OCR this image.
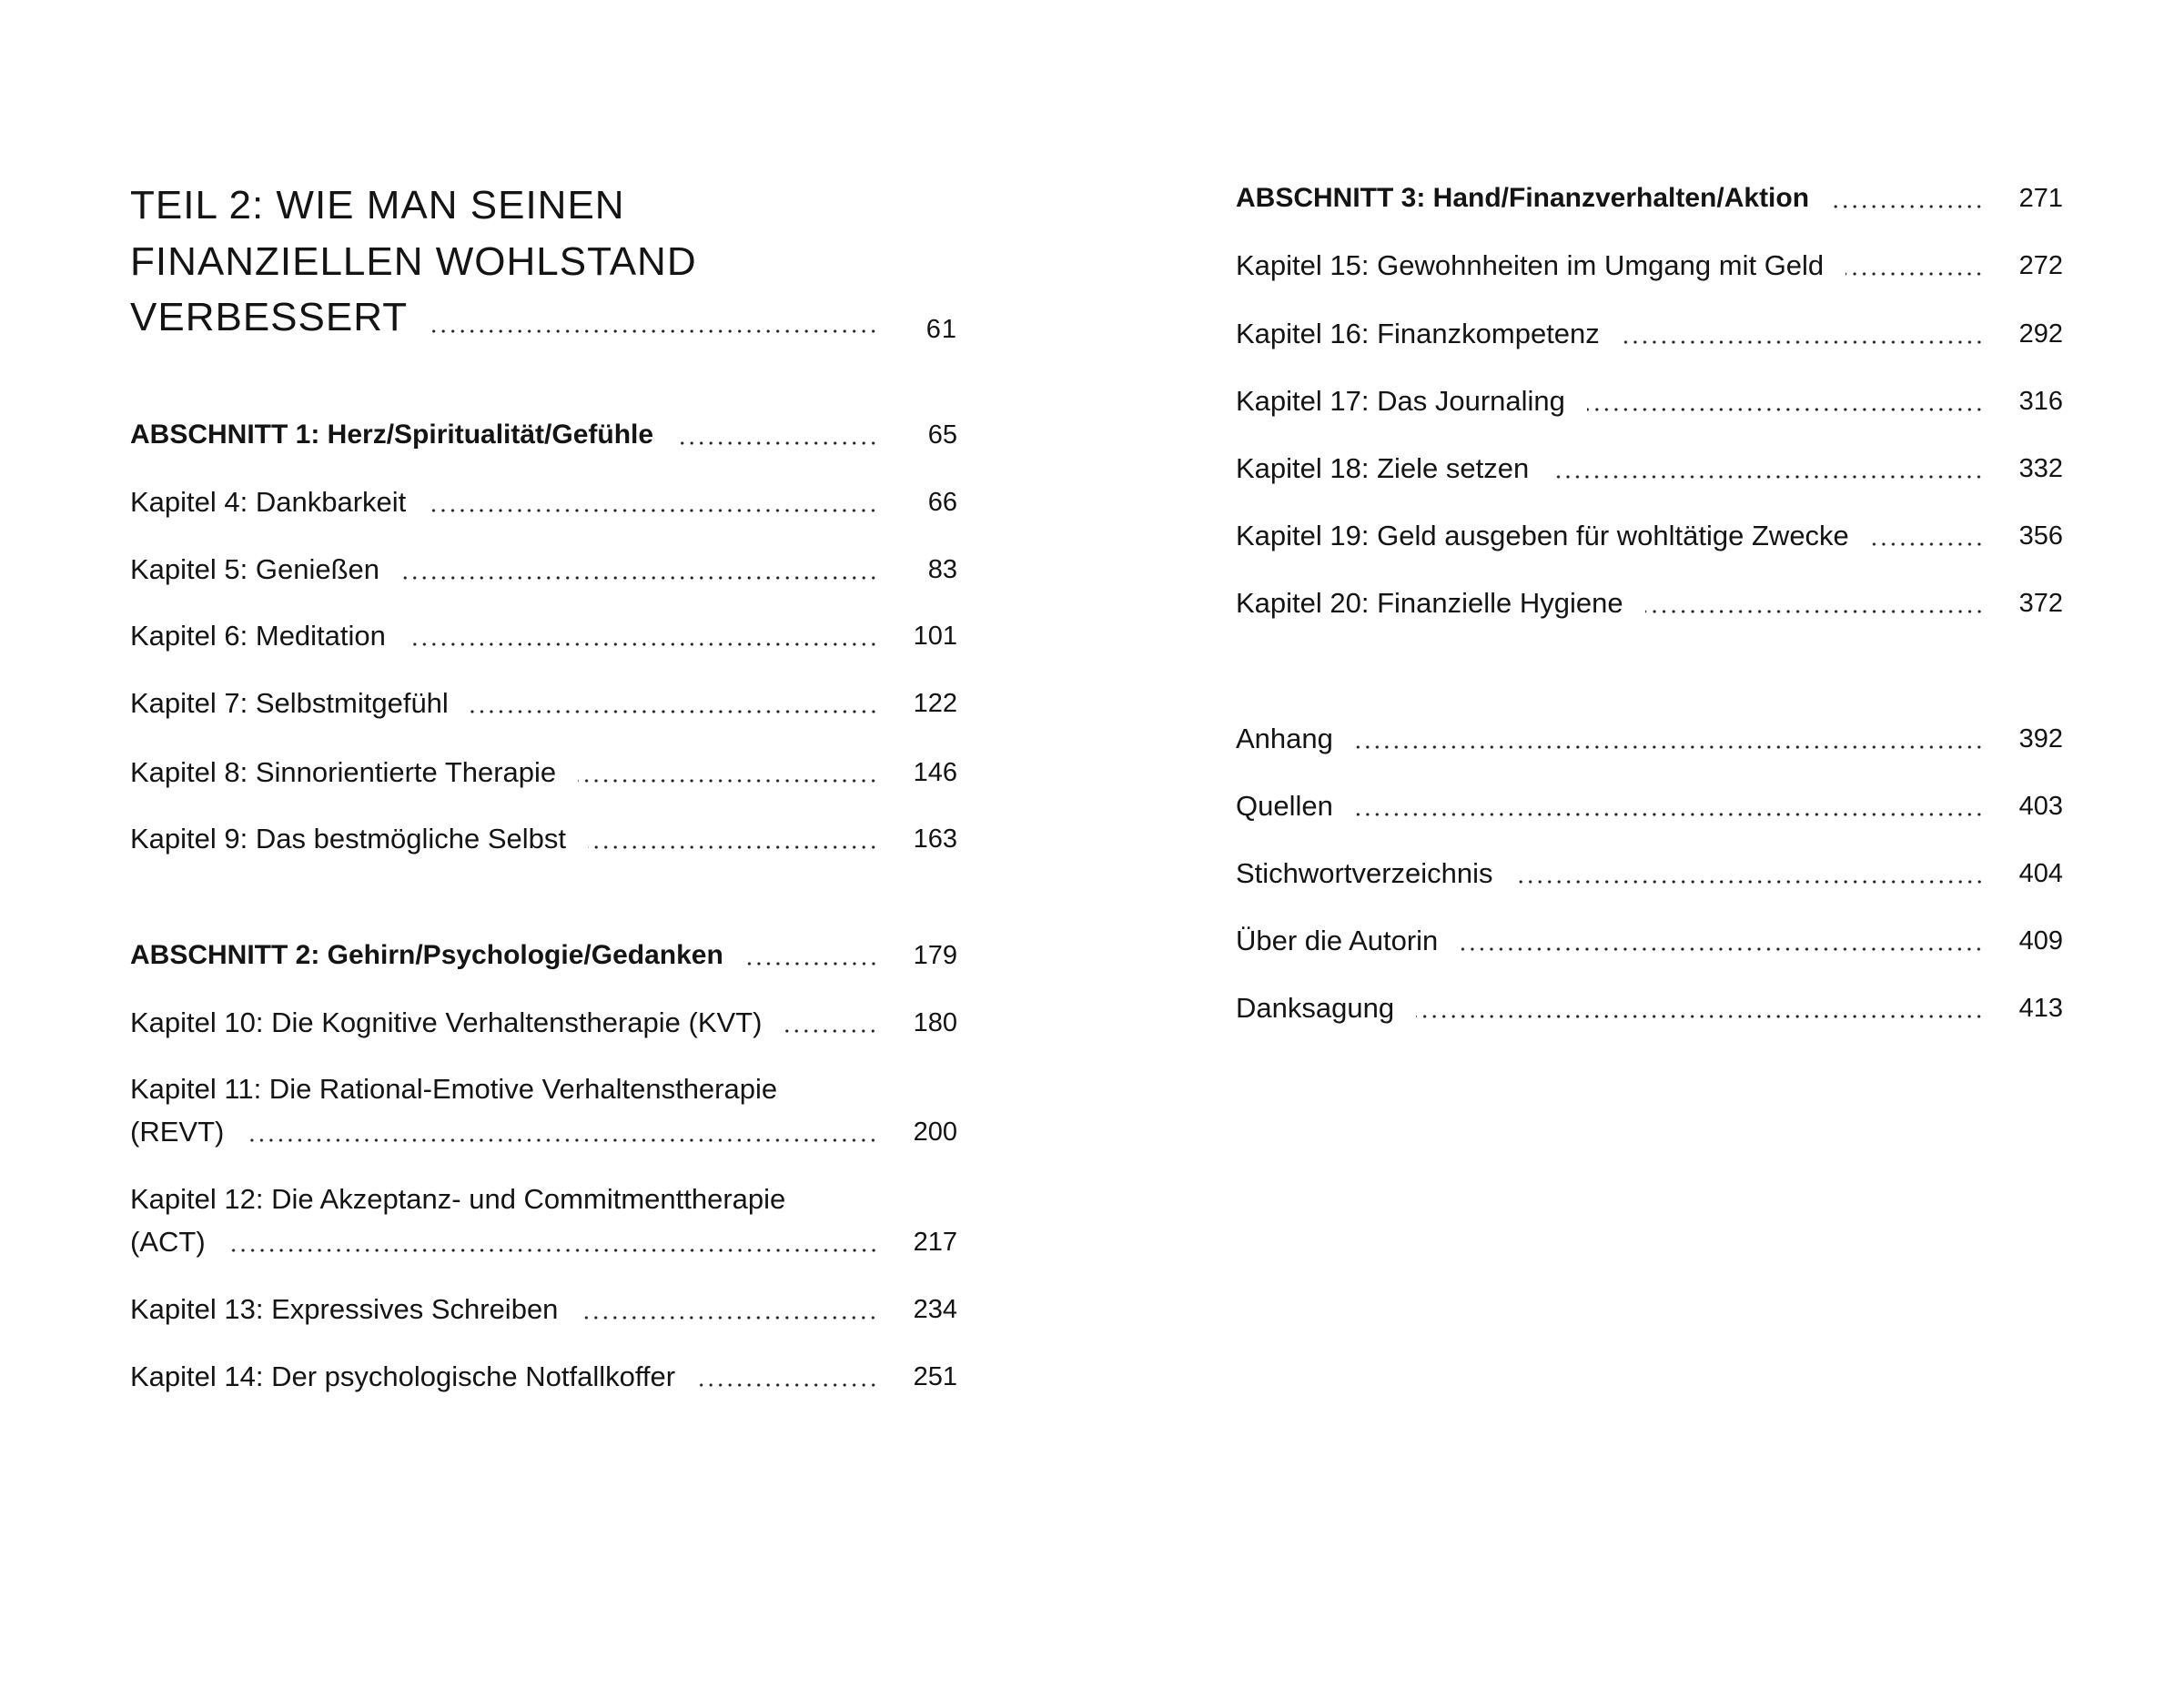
TEIL 2: WIE MAN SEINEN
FINANZIELLEN WOHLSTAND
VERBESSERT	61
ABSCHNITT 1: Herz/Spiritualität/Gefühle	65
Kapitel 4: Dankbarkeit	66
Kapitel 5: Genießen	83
Kapitel 6: Meditation	101
Kapitel 7: Selbstmitgefühl	122
Kapitel 8: Sinnorientierte Therapie	146
Kapitel 9: Das bestmögliche Selbst	163
ABSCHNITT 2: Gehirn/Psychologie/Gedanken	179
Kapitel 10: Die Kognitive Verhaltenstherapie (KVT)	180
Kapitel 11: Die Rational-Emotive Verhaltenstherapie
(REVT)	200
Kapitel 12: Die Akzeptanz- und Commitmenttherapie
(ACT)	217
Kapitel 13: Expressives Schreiben	234
Kapitel 14: Der psychologische Notfallkoffer	251
ABSCHNITT 3: Hand/Finanzverhalten/Aktion	271
Kapitel 15: Gewohnheiten im Umgang mit Geld	272
Kapitel 16: Finanzkompetenz	292
Kapitel 17: Das Journaling	316
Kapitel 18: Ziele setzen	332
Kapitel 19: Geld ausgeben für wohltätige Zwecke	356
Kapitel 20: Finanzielle Hygiene	372
Anhang	392
Quellen	403
Stichwortverzeichnis	404
Über die Autorin	409
Danksagung	413
